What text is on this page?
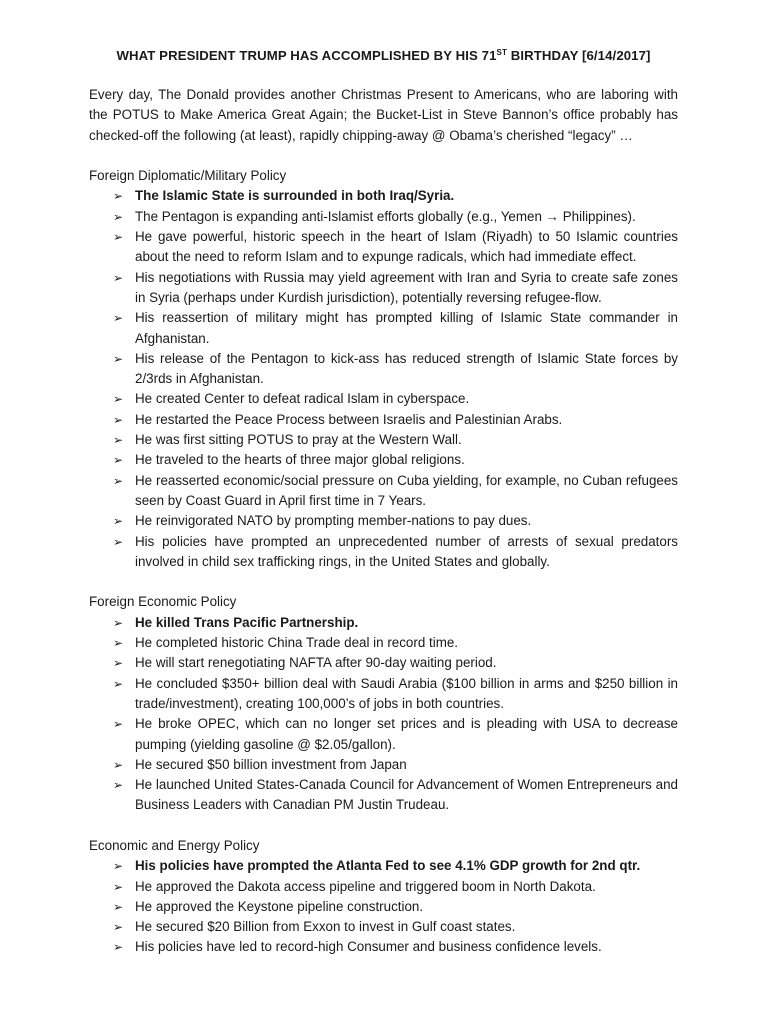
WHAT PRESIDENT TRUMP HAS ACCOMPLISHED BY HIS 71ST BIRTHDAY [6/14/2017]

Every day, The Donald provides another Christmas Present to Americans, who are laboring with the POTUS to Make America Great Again; the Bucket-List in Steve Bannon’s office probably has checked-off the following (at least), rapidly chipping-away @ Obama’s cherished “legacy” …
Foreign Diplomatic/Military Policy
➢ The Islamic State is surrounded in both Iraq/Syria.
➢ The Pentagon is expanding anti-Islamist efforts globally (e.g., Yemen → Philippines).
➢ He gave powerful, historic speech in the heart of Islam (Riyadh) to 50 Islamic countries about the need to reform Islam and to expunge radicals, which had immediate effect.
➢ His negotiations with Russia may yield agreement with Iran and Syria to create safe zones in Syria (perhaps under Kurdish jurisdiction), potentially reversing refugee-flow.
➢ His reassertion of military might has prompted killing of Islamic State commander in Afghanistan.
➢ His release of the Pentagon to kick-ass has reduced strength of Islamic State forces by 2/3rds in Afghanistan.
➢ He created Center to defeat radical Islam in cyberspace.
➢ He restarted the Peace Process between Israelis and Palestinian Arabs.
➢ He was first sitting POTUS to pray at the Western Wall.
➢ He traveled to the hearts of three major global religions.
➢ He reasserted economic/social pressure on Cuba yielding, for example, no Cuban refugees seen by Coast Guard in April first time in 7 Years.
➢ He reinvigorated NATO by prompting member-nations to pay dues.
➢ His policies have prompted an unprecedented number of arrests of sexual predators involved in child sex trafficking rings, in the United States and globally.
Foreign Economic Policy
➢ He killed Trans Pacific Partnership.
➢ He completed historic China Trade deal in record time.
➢ He will start renegotiating NAFTA after 90-day waiting period.
➢ He concluded $350+ billion deal with Saudi Arabia ($100 billion in arms and $250 billion in trade/investment), creating 100,000’s of jobs in both countries.
➢ He broke OPEC, which can no longer set prices and is pleading with USA to decrease pumping (yielding gasoline @ $2.05/gallon).
➢ He secured $50 billion investment from Japan
➢ He launched United States-Canada Council for Advancement of Women Entrepreneurs and Business Leaders with Canadian PM Justin Trudeau.
Economic and Energy Policy
➢ His policies have prompted the Atlanta Fed to see 4.1% GDP growth for 2nd qtr.
➢ He approved the Dakota access pipeline and triggered boom in North Dakota.
➢ He approved the Keystone pipeline construction.
➢ He secured $20 Billion from Exxon to invest in Gulf coast states.
➢ His policies have led to record-high Consumer and business confidence levels.
